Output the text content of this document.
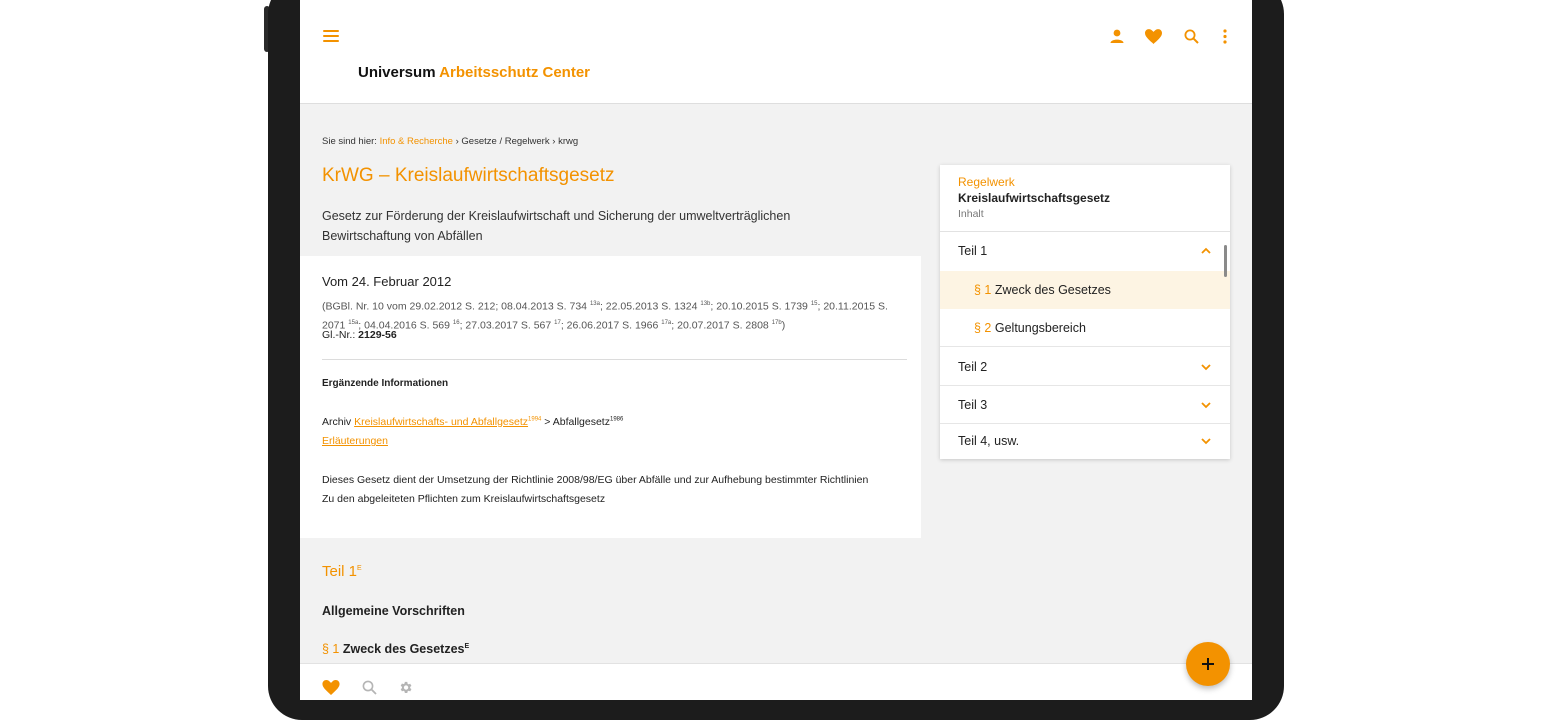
Universum Arbeitsschutz Center
Sie sind hier: Info & Recherche › Gesetze / Regelwerk › krwg
KrWG – Kreislaufwirtschaftsgesetz
Gesetz zur Förderung der Kreislaufwirtschaft und Sicherung der umweltverträglichen Bewirtschaftung von Abfällen
Vom 24. Februar 2012
(BGBl. Nr. 10 vom 29.02.2012 S. 212; 08.04.2013 S. 734 $^{13a}$; 22.05.2013 S. 1324 $^{13b}$; 20.10.2015 S. 1739 $^{15}$; 20.11.2015 S. 2071 $^{15a}$; 04.04.2016 S. 569 $^{16}$; 27.03.2017 S. 567 $^{17}$; 26.06.2017 S. 1966 $^{17a}$; 20.07.2017 S. 2808 $^{17b}$)
Gl.-Nr.: 2129-56
Ergänzende Informationen
Archiv Kreislaufwirtschafts- und Abfallgesetz$^{1994}$ > Abfallgesetz$^{1986}$
Erläuterungen
Dieses Gesetz dient der Umsetzung der Richtlinie 2008/98/EG über Abfälle und zur Aufhebung bestimmter Richtlinien
Zu den abgeleiteten Pflichten zum Kreislaufwirtschaftsgesetz
Teil $1^E$
Allgemeine Vorschriften
§ 1 Zweck des Gesetzes$^E$
Regelwerk
Kreislaufwirtschaftsgesetz
Inhalt
Teil 1
§ 1 Zweck des Gesetzes
§ 2 Geltungsbereich
Teil 2
Teil 3
Teil 4, usw.
